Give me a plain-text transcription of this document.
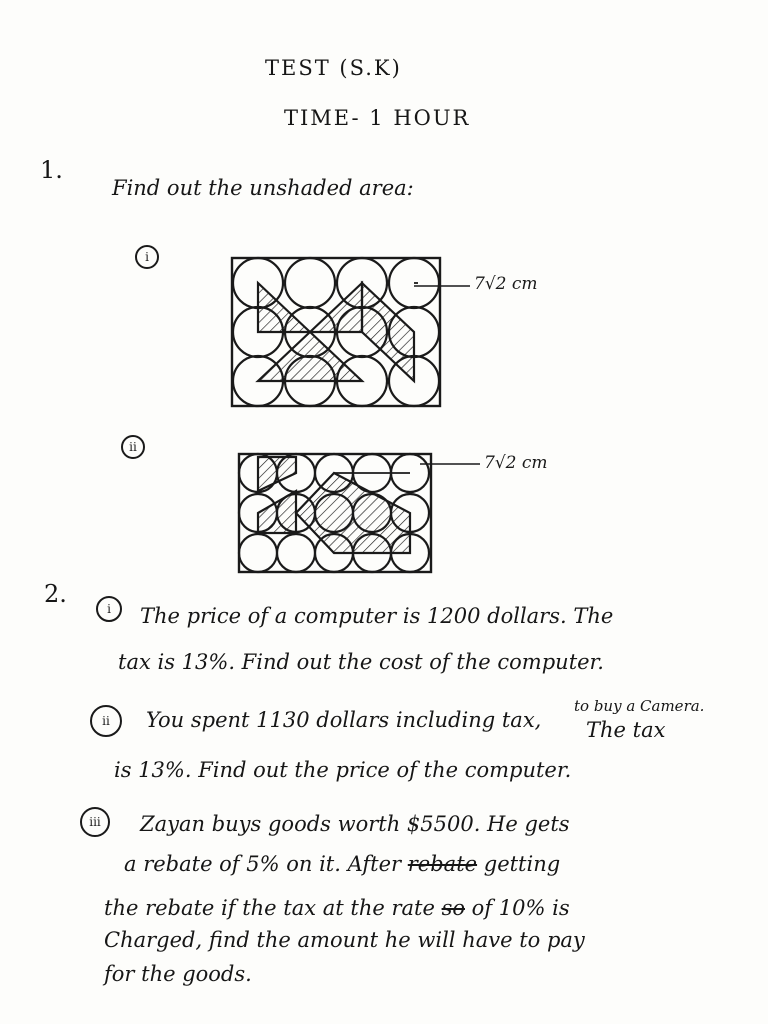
TEST (S.K)
TIME- 1 HOUR
1.
Find out the unshaded area:
i
7√2 cm
ii
7√2 cm
2.
i	The price of a computer is 1200 dollars. The
tax is 13%. Find out the cost of the computer.
to buy a Camera.
ii	You spent 1130 dollars including tax, The tax
is 13%. Find out the price of the computer.
iii	Zayan buys goods worth $5500. He gets
a rebate of 5% on it. After rebate getting
the rebate if the tax at the rate so of 10% is
Charged, find the amount he will have to pay
for the goods.
